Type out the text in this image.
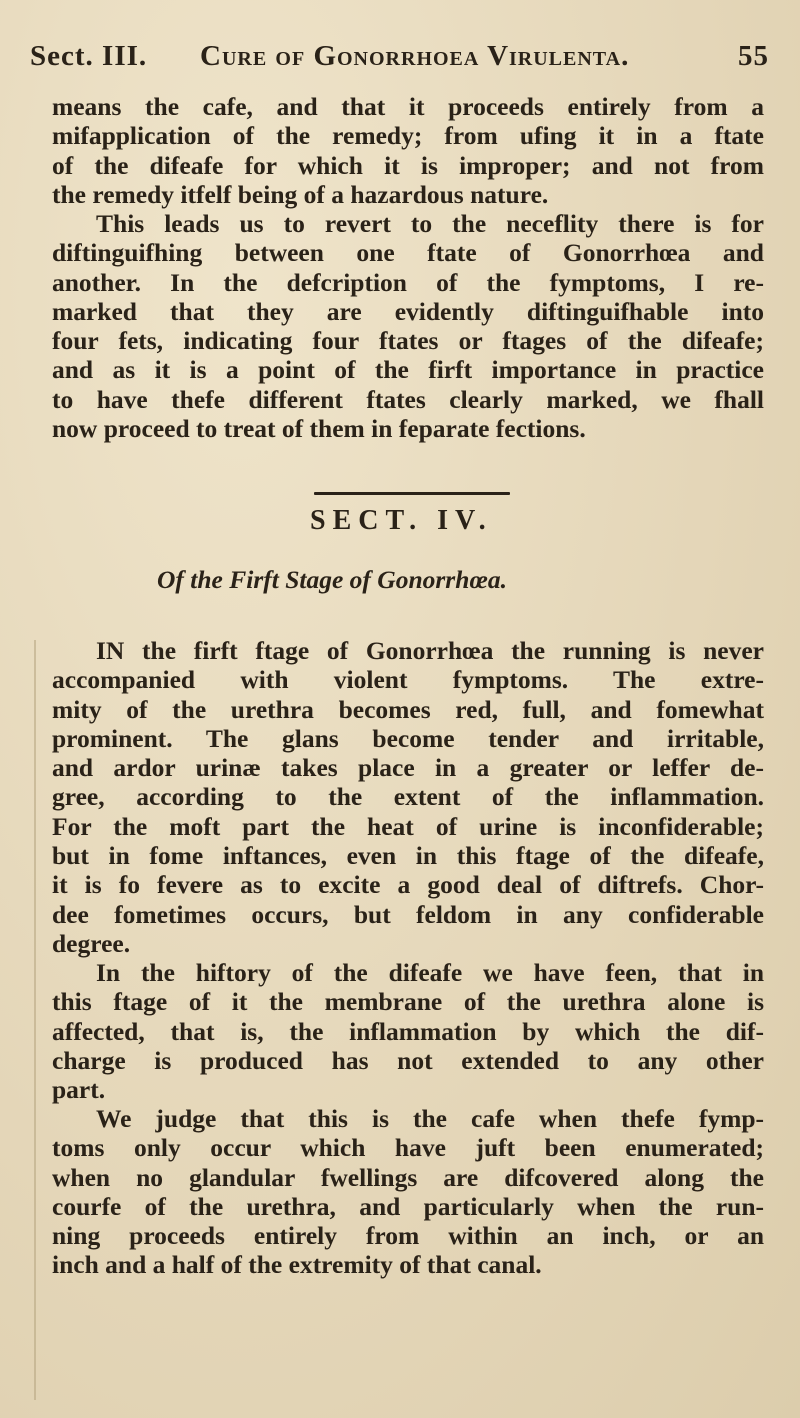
Sect. III. Cure of Gonorrhoea Virulenta.	55
means the cafe, and that it proceeds entirely from a
mifapplication of the remedy; from ufing it in a ftate
of the difeafe for which it is improper; and not from
the remedy itfelf being of a hazardous nature.
This leads us to revert to the neceflity there is for
diftinguifhing between one ftate of Gonorrhœa and
another. In the defcription of the fymptoms, I re-
marked that they are evidently diftinguifhable into
four fets, indicating four ftates or ftages of the difeafe;
and as it is a point of the firft importance in practice
to have thefe different ftates clearly marked, we fhall
now proceed to treat of them in feparate fections.
SECT. IV.
Of the Firft Stage of Gonorrhœa.
IN the firft ftage of Gonorrhœa the running is never
accompanied with violent fymptoms. The extre-
mity of the urethra becomes red, full, and fomewhat
prominent. The glans become tender and irritable,
and ardor urinæ takes place in a greater or leffer de-
gree, according to the extent of the inflammation.
For the moft part the heat of urine is inconfiderable;
but in fome inftances, even in this ftage of the difeafe,
it is fo fevere as to excite a good deal of diftrefs. Chor-
dee fometimes occurs, but feldom in any confiderable
degree.
In the hiftory of the difeafe we have feen, that in
this ftage of it the membrane of the urethra alone is
affected, that is, the inflammation by which the dif-
charge is produced has not extended to any other
part.
We judge that this is the cafe when thefe fymp-
toms only occur which have juft been enumerated;
when no glandular fwellings are difcovered along the
courfe of the urethra, and particularly when the run-
ning proceeds entirely from within an inch, or an
inch and a half of the extremity of that canal.
